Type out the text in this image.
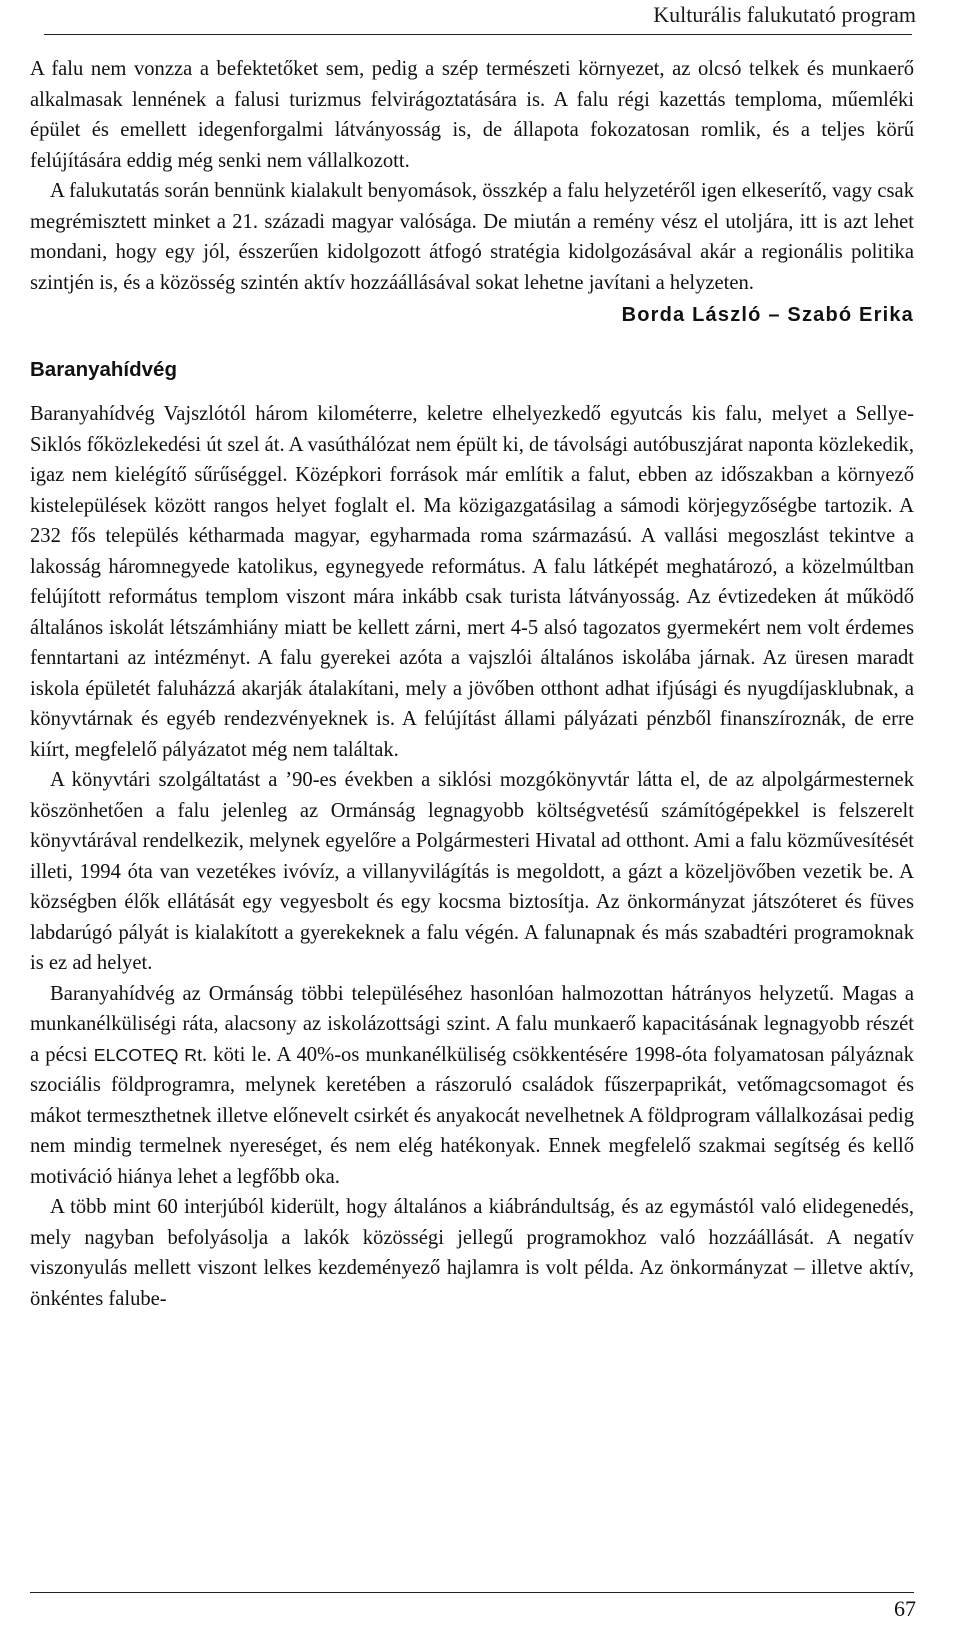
Kulturális falukutató program

A falu nem vonzza a befektetőket sem, pedig a szép természeti környezet, az olcsó telkek és munkaerő alkalmasak lennének a falusi turizmus felvirágoztatására is. A falu régi kazettás temploma, műemléki épület és emellett idegenforgalmi látványosság is, de állapota fokozatosan romlik, és a teljes körű felújítására eddig még senki nem vállalkozott.

A falukutatás során bennünk kialakult benyomások, összkép a falu helyzetéről igen elkeserítő, vagy csak megrémisztett minket a 21. századi magyar valósága. De miután a remény vész el utoljára, itt is azt lehet mondani, hogy egy jól, ésszerűen kidolgozott átfogó stratégia kidolgozásával akár a regionális politika szintjén is, és a közösség szintén aktív hozzáállásával sokat lehetne javítani a helyzeten.

Borda László – Szabó Erika
Baranyahídvég

Baranyahídvég Vajszlótól három kilométerre, keletre elhelyezkedő egyutcás kis falu, melyet a Sellye-Siklós főközlekedési út szel át. A vasúthálózat nem épült ki, de távolsági autóbuszjárat naponta közlekedik, igaz nem kielégítő sűrűséggel. Középkori források már említik a falut, ebben az időszakban a környező kistelepülések között rangos helyet foglalt el. Ma közigazgatásilag a sámodi körjegyzőségbe tartozik. A 232 fős település kétharmada magyar, egyharmada roma származású. A vallási megoszlást tekintve a lakosság háromnegyede katolikus, egynegyede református. A falu látképét meghatározó, a közelmúltban felújított református templom viszont mára inkább csak turista látványosság. Az évtizedeken át működő általános iskolát létszámhiány miatt be kellett zárni, mert 4-5 alsó tagozatos gyermekért nem volt érdemes fenntartani az intézményt. A falu gyerekei azóta a vajszlói általános iskolába járnak. Az üresen maradt iskola épületét faluházzá akarják átalakítani, mely a jövőben otthont adhat ifjúsági és nyugdíjasklubnak, a könyvtárnak és egyéb rendezvényeknek is. A felújítást állami pályázati pénzből finanszíroznák, de erre kiírt, megfelelő pályázatot még nem találtak.

A könyvtári szolgáltatást a ’90-es években a siklósi mozgókönyvtár látta el, de az alpolgármesternek köszönhetően a falu jelenleg az Ormánság legnagyobb költségvetésű számítógépekkel is felszerelt könyvtárával rendelkezik, melynek egyelőre a Polgármesteri Hivatal ad otthont. Ami a falu közművesítését illeti, 1994 óta van vezetékes ivóvíz, a villanyvilágítás is megoldott, a gázt a közeljövőben vezetik be. A községben élők ellátását egy vegyesbolt és egy kocsma biztosítja. Az önkormányzat játszóteret és füves labdarúgó pályát is kialakított a gyerekeknek a falu végén. A falunapnak és más szabadtéri programoknak is ez ad helyet.

Baranyahídvég az Ormánság többi településéhez hasonlóan halmozottan hátrányos helyzetű. Magas a munkanélküliségi ráta, alacsony az iskolázottsági szint. A falu munkaerő kapacitásának legnagyobb részét a pécsi ELCOTEQ Rt. köti le. A 40%-os munkanélküliség csökkentésére 1998-óta folyamatosan pályáznak szociális földprogramra, melynek keretében a rászoruló családok fűszerpaprikát, vetőmagcsomagot és mákot termeszthetnek illetve előnevelt csirkét és anyakocát nevelhetnek A földprogram vállalkozásai pedig nem mindig termelnek nyereséget, és nem elég hatékonyak. Ennek megfelelő szakmai segítség és kellő motiváció hiánya lehet a legfőbb oka.

A több mint 60 interjúból kiderült, hogy általános a kiábrándultság, és az egymástól való elidegenedés, mely nagyban befolyásolja a lakók közösségi jellegű programokhoz való hozzáállását. A negatív viszonyulás mellett viszont lelkes kezdeményező hajlamra is volt példa. Az önkormányzat – illetve aktív, önkéntes falube-

67
